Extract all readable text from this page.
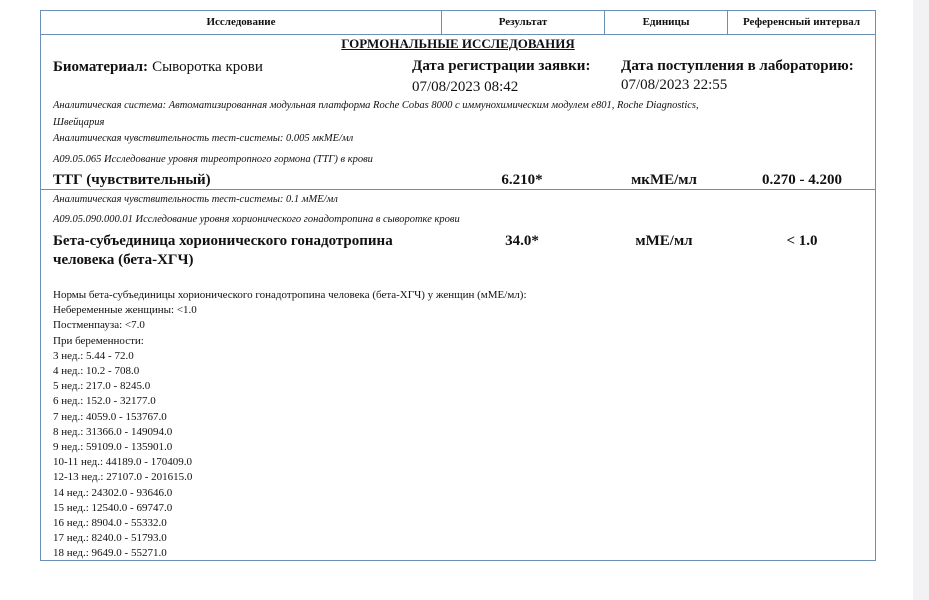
Исследование	Результат	Единицы	Референсный интервал
ГОРМОНАЛЬНЫЕ ИССЛЕДОВАНИЯ
Биоматериал: Сыворотка крови	Дата регистрации заявки:
07/08/2023 08:42
Дата поступления в лабораторию:
07/08/2023 22:55
Аналитическая система: Автоматизированная модульная платформа Roche Cobas 8000 с иммунохимическим модулем e801, Roche Diagnostics,
Швейцария
Аналитическая чувствительность тест-системы: 0.005 мкМЕ/мл
A09.05.065 Исследование уровня тиреотропного гормона (ТТГ) в крови
ТТГ (чувствительный)	6.210*	мкМЕ/мл	0.270 - 4.200
Аналитическая чувствительность тест-системы: 0.1 мМЕ/мл
A09.05.090.000.01 Исследование уровня хорионического гонадотропина в сыворотке крови
Бета-субъединица хорионического гонадотропина
человека (бета-ХГЧ)
34.0*	мМЕ/мл	< 1.0
Нормы бета-субъединицы хорионического гонадотропина человека (бета-ХГЧ) у женщин (мМЕ/мл):
Небеременные женщины: <1.0
Постменпауза: <7.0
При беременности:
3 нед.: 5.44 - 72.0
4 нед.: 10.2 - 708.0
5 нед.: 217.0 - 8245.0
6 нед.: 152.0 - 32177.0
7 нед.: 4059.0 - 153767.0
8 нед.: 31366.0 - 149094.0
9 нед.: 59109.0 - 135901.0
10-11 нед.: 44189.0 - 170409.0
12-13 нед.: 27107.0 - 201615.0
14 нед.: 24302.0 - 93646.0
15 нед.: 12540.0 - 69747.0
16 нед.: 8904.0 - 55332.0
17 нед.: 8240.0 - 51793.0
18 нед.: 9649.0 - 55271.0
